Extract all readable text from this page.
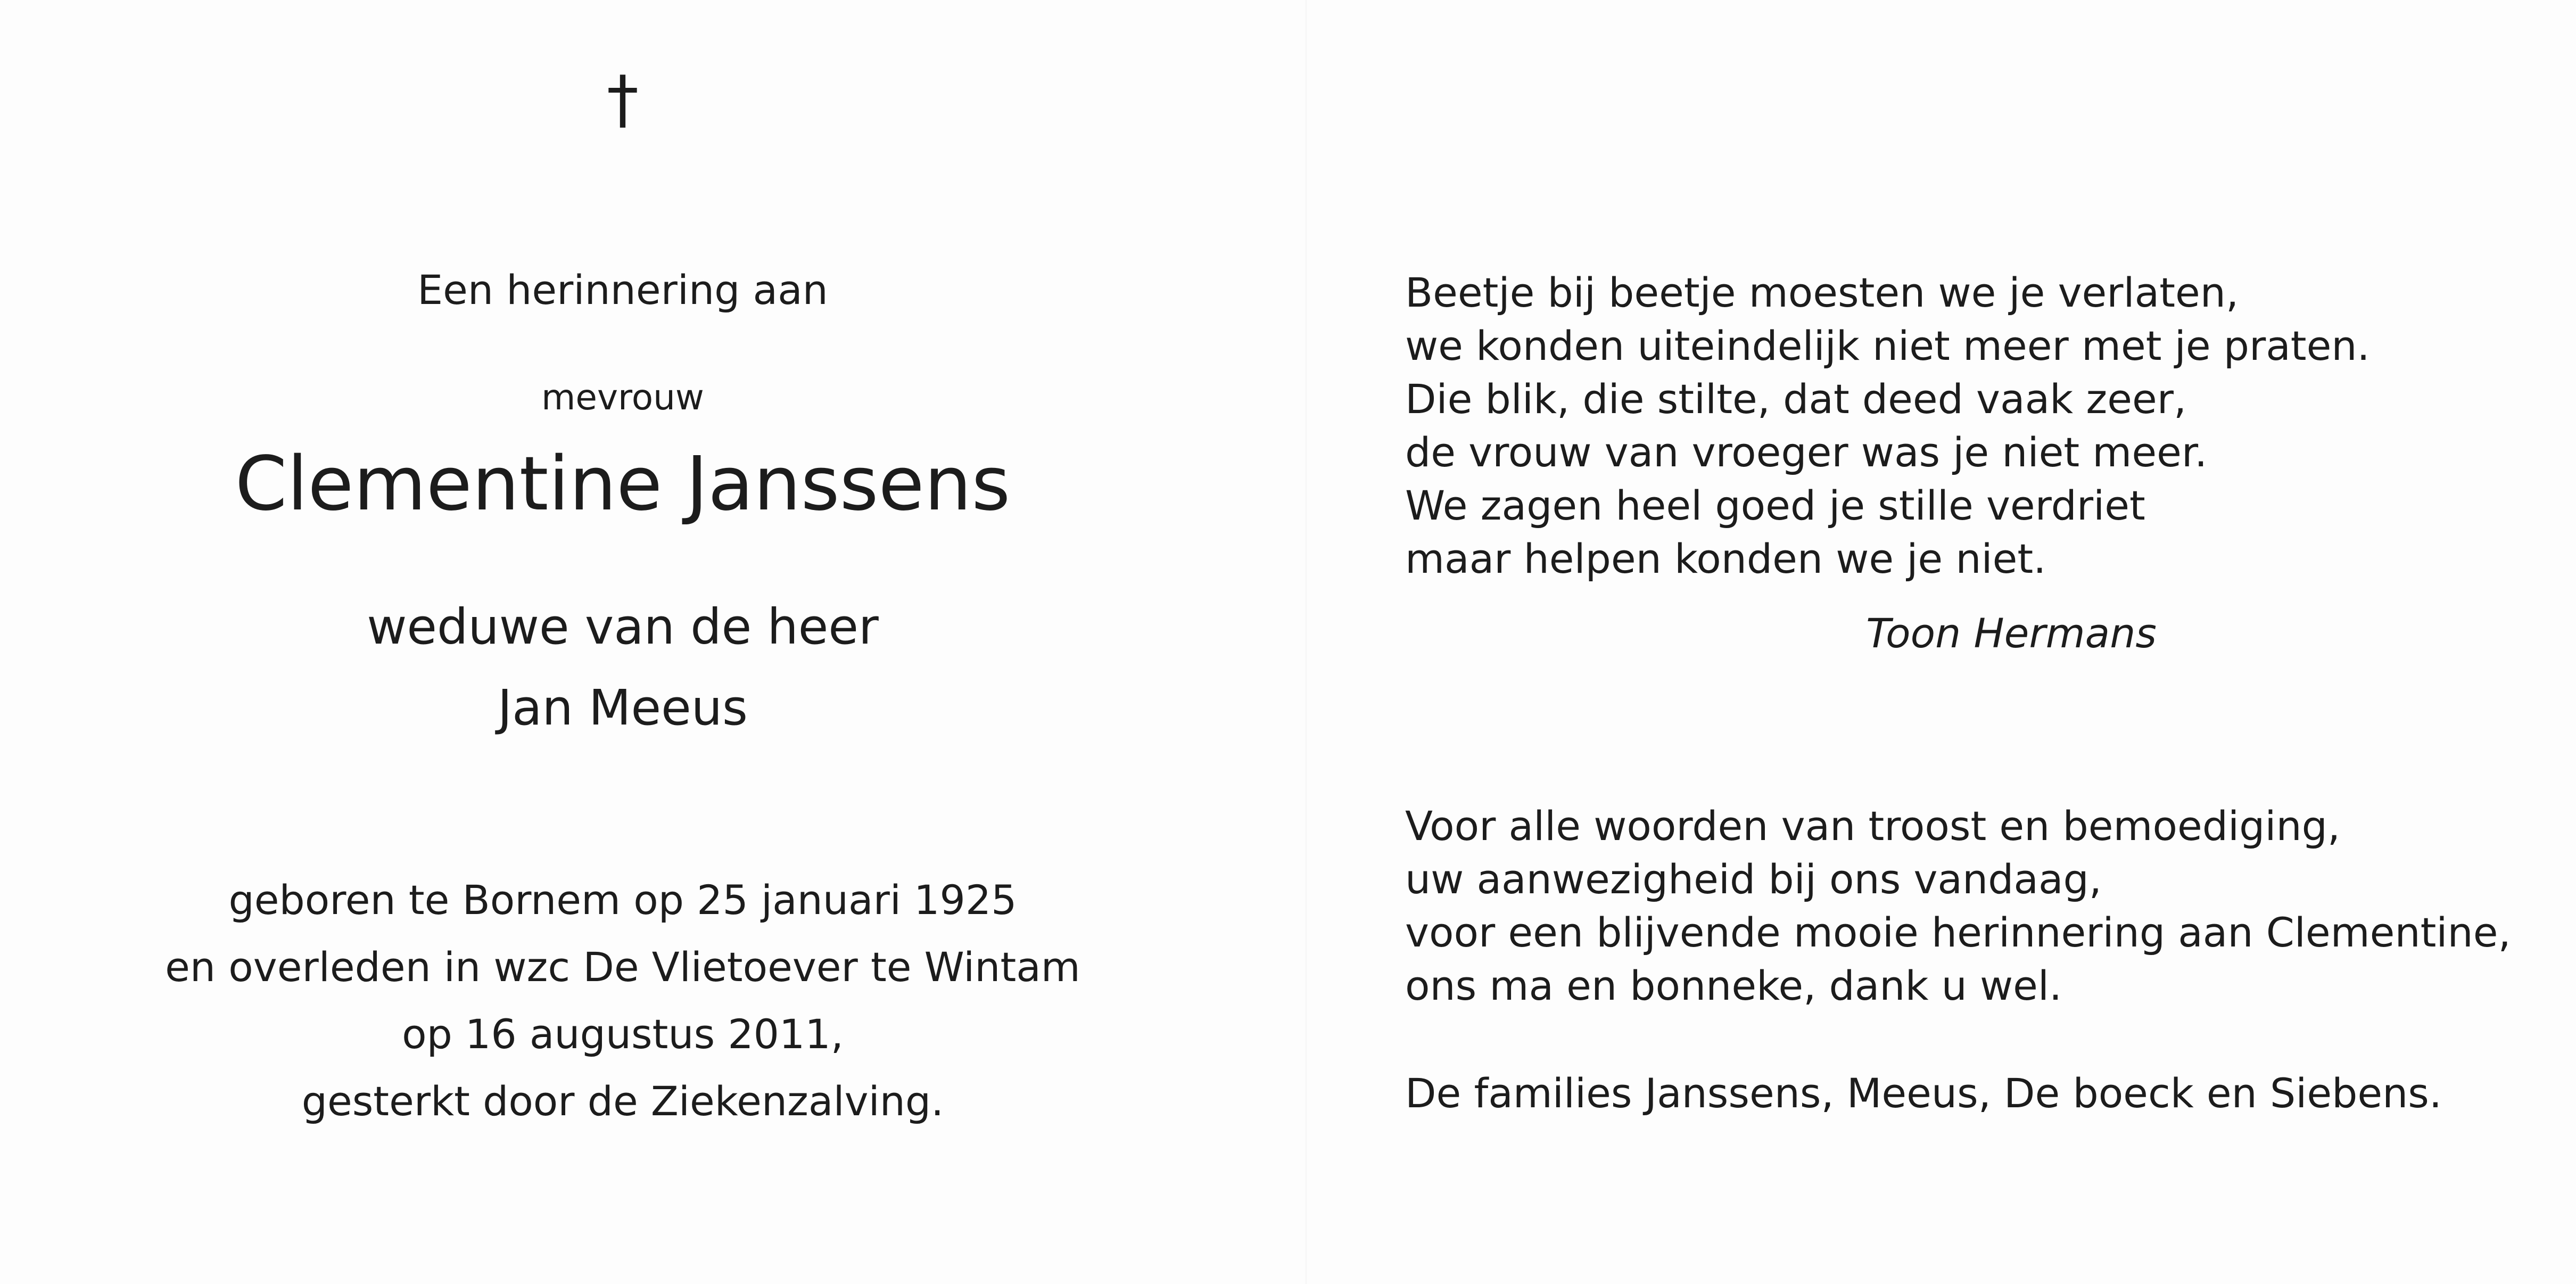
†
Een herinnering aan
mevrouw
Clementine Janssens
weduwe van de heer
Jan Meeus
geboren te Bornem op 25 januari 1925
en overleden in wzc De Vlietoever te Wintam
op 16 augustus 2011,
gesterkt door de Ziekenzalving.
Beetje bij beetje moesten we je verlaten,
we konden uiteindelijk niet meer met je praten.
Die blik, die stilte, dat deed vaak zeer,
de vrouw van vroeger was je niet meer.
We zagen heel goed je stille verdriet
maar helpen konden we je niet.
Toon Hermans
Voor alle woorden van troost en bemoediging,
uw aanwezigheid bij ons vandaag,
voor een blijvende mooie herinnering aan Clementine,
ons ma en bonneke, dank u wel.
De families Janssens, Meeus, De boeck en Siebens.
